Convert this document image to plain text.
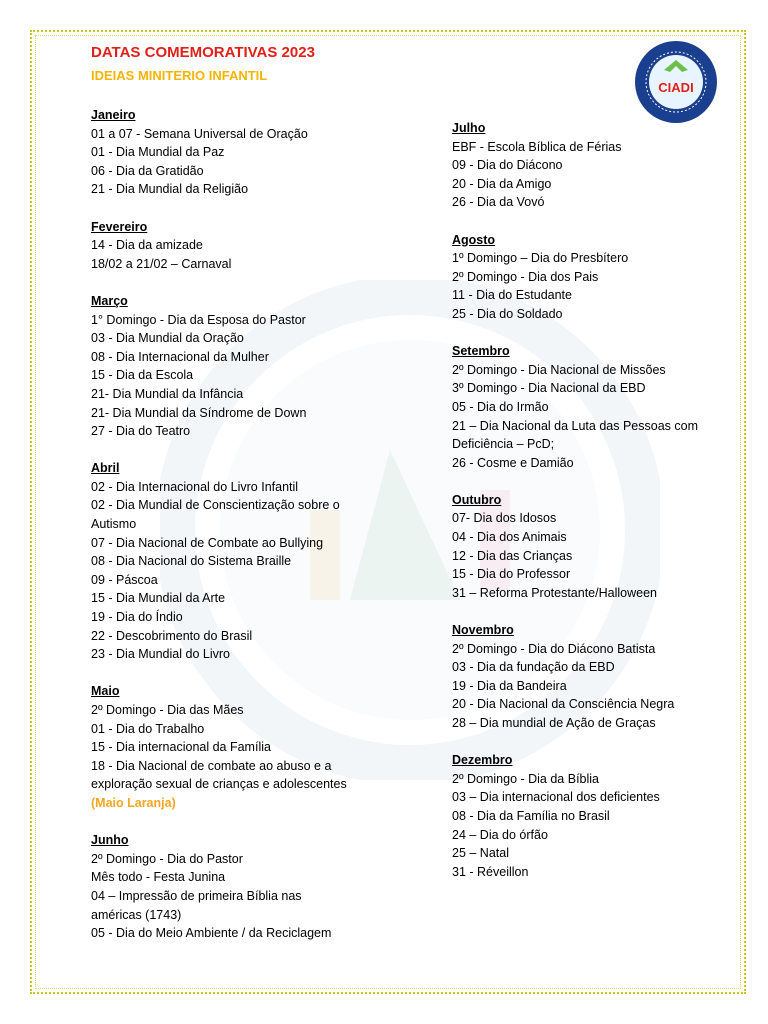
CIADI
DATAS COMEMORATIVAS 2023
IDEIAS MINITERIO INFANTIL
Janeiro
01 a 07 - Semana Universal de Oração
01 - Dia Mundial da Paz
06 - Dia da Gratidão
21 - Dia Mundial da Religião
Fevereiro
14 - Dia da amizade
18/02 a 21/02 – Carnaval
Março
1° Domingo - Dia da Esposa do Pastor
03 - Dia Mundial da Oração
08 - Dia Internacional da Mulher
15 - Dia da Escola
21- Dia Mundial da Infância
21- Dia Mundial da Síndrome de Down
27 - Dia do Teatro
Abril
02 - Dia Internacional do Livro Infantil
02 - Dia Mundial de Conscientização sobre o
Autismo
07 - Dia Nacional de Combate ao Bullying
08 - Dia Nacional do Sistema Braille
09 - Páscoa
15 - Dia Mundial da Arte
19 - Dia do Índio
22 - Descobrimento do Brasil
23 - Dia Mundial do Livro
Maio
2º Domingo - Dia das Mães
01 - Dia do Trabalho
15 - Dia internacional da Família
18 - Dia Nacional de combate ao abuso e a
exploração sexual de crianças e adolescentes
(Maio Laranja)
Junho
2º Domingo - Dia do Pastor
Mês todo - Festa Junina
04 – Impressão de primeira Bíblia nas
américas (1743)
05 - Dia do Meio Ambiente / da Reciclagem
Julho
EBF - Escola Bíblica de Férias
09 - Dia do Diácono
20 - Dia da Amigo
26 - Dia da Vovó
Agosto
1º Domingo – Dia do Presbítero
2º Domingo - Dia dos Pais
11 - Dia do Estudante
25 - Dia do Soldado
Setembro
2º Domingo - Dia Nacional de Missões
3º Domingo - Dia Nacional da EBD
05 - Dia do Irmão
21 – Dia Nacional da Luta das Pessoas com
Deficiência – PcD;
26 - Cosme e Damião
Outubro
07- Dia dos Idosos
04 - Dia dos Animais
12 - Dia das Crianças
15 - Dia do Professor
31 – Reforma Protestante/Halloween
Novembro
2º Domingo - Dia do Diácono Batista
03 - Dia da fundação da EBD
19 - Dia da Bandeira
20 - Dia Nacional da Consciência Negra
28 – Dia mundial de Ação de Graças
Dezembro
2º Domingo - Dia da Bíblia
03 – Dia internacional dos deficientes
08 - Dia da Família no Brasil
24 – Dia do órfão
25 – Natal
31 - Réveillon
